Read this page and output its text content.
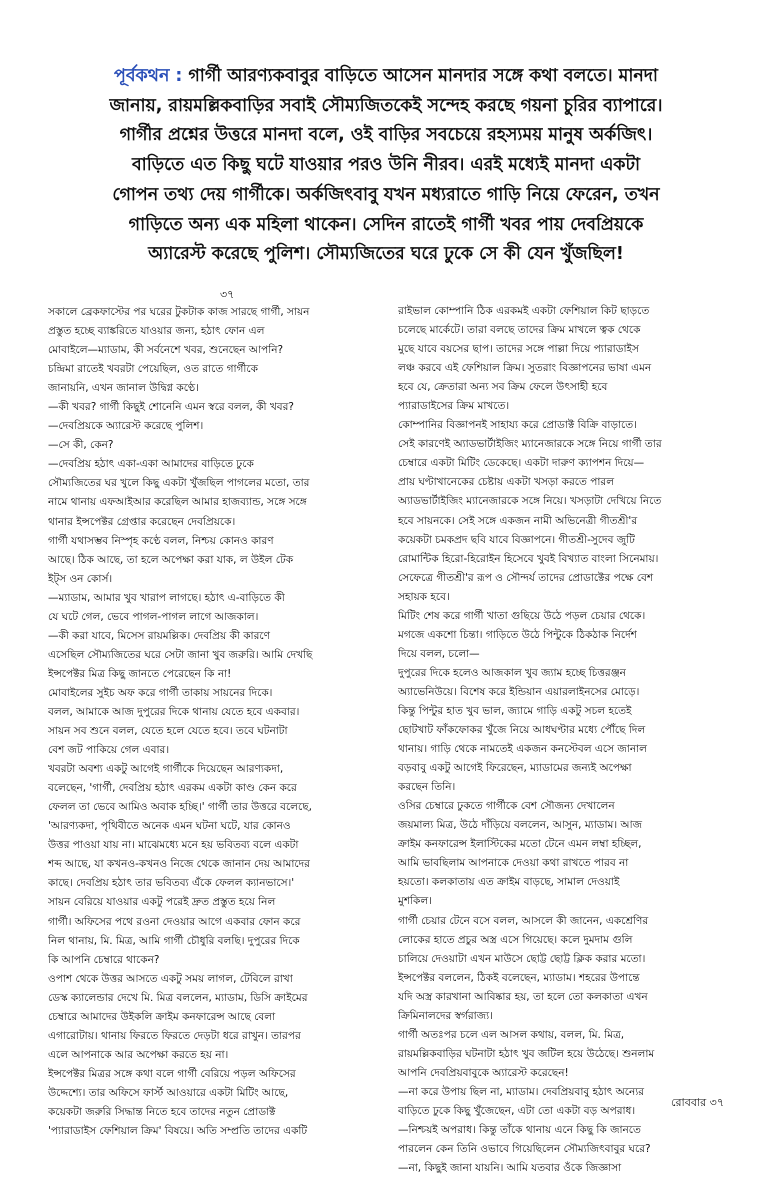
পূর্বকথন : গার্গী আরণ্যকবাবুর বাড়িতে আসেন মানদার সঙ্গে কথা বলতে। মানদা
জানায়, রায়মল্লিকবাড়ির সবাই সৌম্যজিতকেই সন্দেহ করছে গয়না চুরির ব্যাপারে।
গার্গীর প্রশ্নের উত্তরে মানদা বলে, ওই বাড়ির সবচেয়ে রহস্যময় মানুষ অর্কজিৎ।
বাড়িতে এত কিছু ঘটে যাওয়ার পরও উনি নীরব। এরই মধ্যেই মানদা একটা
গোপন তথ্য দেয় গার্গীকে। অর্কজিৎবাবু যখন মধ্যরাতে গাড়ি নিয়ে ফেরেন, তখন
গাড়িতে অন্য এক মহিলা থাকেন। সেদিন রাতেই গার্গী খবর পায় দেবপ্রিয়কে
অ্যারেস্ট করেছে পুলিশ। সৌম্যজিতের ঘরে ঢুকে সে কী যেন খুঁজছিল!
৩৭
সকালে ব্রেকফাস্টের পর ঘরের টুকটাক কাজ সারছে গার্গী, সায়ন
প্রস্তুত হচ্ছে ব্যাঙ্করিতে যাওয়ার জন্য, হঠাৎ ফোন এল
মোবাইলে—ম্যাডাম, কী সর্বনেশে খবর, শুনেছেন আপনি?
চন্দ্রিমা রাতেই খবরটা পেয়েছিল, ওত রাতে গার্গীকে
জানায়নি, এখন জানাল উদ্বিগ্ন কণ্ঠে।
—কী খবর? গার্গী কিছুই শোনেনি এমন স্বরে বলল, কী খবর?
—দেবপ্রিয়কে অ্যারেস্ট করেছে পুলিশ।
—সে কী, কেন?
—দেবপ্রিয় হঠাৎ একা-একা আমাদের বাড়িতে ঢুকে
সৌম্যজিতের ঘর খুলে কিছু একটা খুঁজছিল পাগলের মতো, তার
নামে থানায় এফআইআর করেছিল আমার হাজব্যান্ড, সঙ্গে সঙ্গে
থানার ইন্সপেক্টর গ্রেপ্তার করেছেন দেবপ্রিয়কে।
গার্গী যথাসম্ভব নিস্পৃহ কণ্ঠে বলল, নিশ্চয় কোনও কারণ
আছে। ঠিক আছে, তা হলে অপেক্ষা করা যাক, ল উইল টেক
ইট্স ওন কোর্স।
—ম্যাডাম, আমার খুব খারাপ লাগছে। হঠাৎ এ-বাড়িতে কী
যে ঘটে গেল, ভেবে পাগল-পাগল লাগে আজকাল।
—কী করা যাবে, মিসেস রায়মল্লিক। দেবপ্রিয় কী কারণে
এসেছিল সৌম্যজিতের ঘরে সেটা জানা খুব জরুরি। আমি দেখছি
ইন্সপেক্টর মিত্র কিছু জানতে পেরেছেন কি না!
মোবাইলের সুইচ অফ করে গার্গী তাকায় সায়নের দিকে।
বলল, আমাকে আজ দুপুরের দিকে থানায় যেতে হবে একবার।
সায়ন সব শুনে বলল, যেতে হলে যেতে হবে। তবে ঘটনাটা
বেশ জট পাকিয়ে গেল এবার।
খবরটা অবশ্য একটু আগেই গার্গীকে দিয়েছেন আরণ্যকদা,
বলেছেন, 'গার্গী, দেবপ্রিয় হঠাৎ এরকম একটা কাণ্ড কেন করে
ফেলল তা ভেবে আমিও অবাক হচ্ছি।' গার্গী তার উত্তরে বলেছে,
'আরণ্যকদা, পৃথিবীতে অনেক এমন ঘটনা ঘটে, যার কোনও
উত্তর পাওয়া যায় না। মাঝেমধ্যে মনে হয় ভবিতব্য বলে একটা
শব্দ আছে, যা কখনও-কখনও নিজে থেকে জানান দেয় আমাদের
কাছে। দেবপ্রিয় হঠাৎ তার ভবিতব্য এঁকে ফেলল ক্যানভাসে।'
সায়ন বেরিয়ে যাওয়ার একটু পরেই দ্রুত প্রস্তুত হয়ে নিল
গার্গী। অফিসের পথে রওনা দেওয়ার আগে একবার ফোন করে
নিল থানায়, মি. মিত্র, আমি গার্গী চৌধুরি বলছি। দুপুরের দিকে
কি আপনি চেম্বারে থাকেন?
ওপাশ থেকে উত্তর আসতে একটু সময় লাগল, টেবিলে রাখা
ডেস্ক ক্যালেন্ডার দেখে মি. মিত্র বললেন, ম্যাডাম, ডিসি ক্রাইমের
চেম্বারে আমাদের উইকলি ক্রাইম কনফারেন্স আছে বেলা
এগারোটায়। থানায় ফিরতে ফিরতে দেড়টা ধরে রাখুন। তারপর
এলে আপনাকে আর অপেক্ষা করতে হয় না।
ইন্সপেক্টর মিত্রর সঙ্গে কথা বলে গার্গী বেরিয়ে পড়ল অফিসের
উদ্দেশ্যে। তার অফিসে ফার্স্ট আওয়ারে একটা মিটিং আছে,
কয়েকটা জরুরি সিদ্ধান্ত নিতে হবে তাদের নতুন প্রোডাক্ট
'প্যারাডাইস ফেশিয়াল ক্রিম' বিষয়ে। অতি সম্প্রতি তাদের একটি
রাইভাল কোম্পানি ঠিক এরকমই একটা ফেশিয়াল কিট ছাড়তে
চলেছে মার্কেটে। তারা বলছে তাদের ক্রিম মাখলে ত্বক থেকে
মুছে যাবে বয়সের ছাপ। তাদের সঙ্গে পাল্লা দিয়ে প্যারাডাইস
লঞ্চ করবে এই ফেশিয়াল ক্রিম। সুতরাং বিজ্ঞাপনের ভাষা এমন
হবে যে, ক্রেতারা অন্য সব ক্রিম ফেলে উৎসাহী হবে
প্যারাডাইসের ক্রিম মাখতে।
কোম্পানির বিজ্ঞাপনই সাহায্য করে প্রোডাক্ট বিক্রি বাড়াতে।
সেই কারণেই অ্যাডভার্টাইজিং ম্যানেজারকে সঙ্গে নিয়ে গার্গী তার
চেম্বারে একটা মিটিং ডেকেছে। একটা দারুণ ক্যাপশন দিয়ে—
প্রায় ঘণ্টাখানেকের চেষ্টায় একটা খসড়া করতে পারল
অ্যাডভার্টাইজিং ম্যানেজারকে সঙ্গে নিয়ে। খসড়াটা দেখিয়ে নিতে
হবে সায়নকে। সেই সঙ্গে একজন নামী অভিনেত্রী গীতশ্রী'র
কয়েকটা চমকপ্রদ ছবি যাবে বিজ্ঞাপনে। গীতশ্রী-সুদেব জুটি
রোমান্টিক হিরো-হিরোইন হিসেবে খুবই বিখ্যাত বাংলা সিনেমায়।
সেফেত্রে গীতশ্রী'র রূপ ও সৌন্দর্য তাদের প্রোডাক্টের পক্ষে বেশ
সহায়ক হবে।
মিটিং শেষ করে গার্গী খাতা গুছিয়ে উঠে পড়ল চেয়ার থেকে।
মগজে একশো চিন্তা। গাড়িতে উঠে পিন্টুকে ঠিকঠাক নির্দেশ
দিয়ে বলল, চলো—
দুপুরের দিকে হলেও আজকাল খুব জ্যাম হচ্ছে চিত্তরঞ্জন
অ্যাভেনিউয়ে। বিশেষ করে ইন্ডিয়ান এয়ারলাইনসের মোড়ে।
কিন্তু পিন্টুর হাত খুব ভাল, জ্যামে গাড়ি একটু সচল হতেই
ছোটখাট ফাঁকফোকর খুঁজে নিয়ে আধঘণ্টার মধ্যে পৌঁছে দিল
থানায়। গাড়ি থেকে নামতেই একজন কনস্টেবল এসে জানাল
বড়বাবু একটু আগেই ফিরেছেন, ম্যাডামের জন্যই অপেক্ষা
করছেন তিনি।
ওসির চেম্বারে ঢুকতে গার্গীকে বেশ সৌজন্য দেখালেন
জয়মাল্য মিত্র, উঠে দাঁড়িয়ে বললেন, আসুন, ম্যাডাম। আজ
ক্রাইম কনফারেন্স ইলাস্টিকের মতো টেনে এমন লম্বা হচ্ছিল,
আমি ভাবছিলাম আপনাকে দেওয়া কথা রাখতে পারব না
হয়তো। কলকাতায় এত ক্রাইম বাড়ছে, সামাল দেওয়াই
মুশকিল।
গার্গী চেয়ার টেনে বসে বলল, আসলে কী জানেন, একশ্রেণির
লোকের হাতে প্রচুর অস্ত্র এসে গিয়েছে। কলে দুমদাম গুলি
চালিয়ে দেওয়াটা এখন মাউসে ছোট্ট ছোট্ট ক্লিক করার মতো।
ইন্সপেক্টর বললেন, ঠিকই বলেছেন, ম্যাডাম। শহরের উপান্তে
যদি অস্ত্র কারখানা আবিষ্কার হয়, তা হলে তো কলকাতা এখন
ক্রিমিনালদের স্বর্গরাজ্য।
গার্গী অতঃপর চলে এল আসল কথায়, বলল, মি. মিত্র,
রায়মল্লিকবাড়ির ঘটনাটা হঠাৎ খুব জটিল হয়ে উঠেছে। শুনলাম
আপনি দেবপ্রিয়বাবুকে অ্যারেস্ট করেছেন!
—না করে উপায় ছিল না, ম্যাডাম। দেবপ্রিয়বাবু হঠাৎ অন্যের
বাড়িতে ঢুকে কিছু খুঁজেছেন, এটা তো একটা বড় অপরাধ।
—নিশ্চয়ই অপরাধ। কিন্তু তাঁকে থানায় এনে কিছু কি জানতে
পারলেন কেন তিনি ওভাবে গিয়েছিলেন সৌম্যজিৎবাবুর ঘরে?
—না, কিছুই জানা যায়নি। আমি যতবার ওঁকে জিজ্ঞাসা
রোববার ৩৭
